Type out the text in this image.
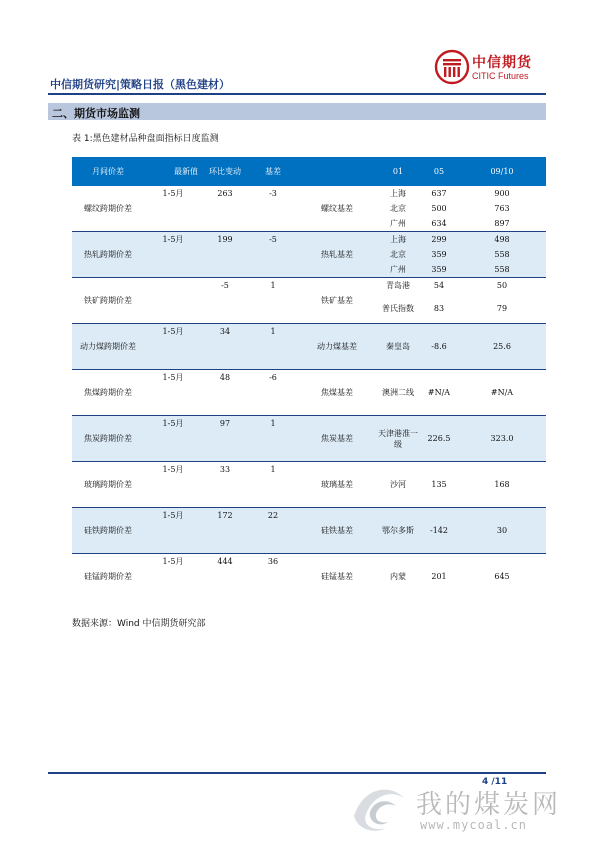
中信期货研究|策略日报（黑色建材）
中信期货
CITIC Futures
二、期货市场监测
表 1:黑色建材品种盘面指标日度监测
月间价差	最新值	环比变动	基差		01	05	09/10
螺纹跨期价差	1-5月	263	-3	螺纹基差	上海	637	900
					北京	500	763
					广州	634	897
热轧跨期价差	1-5月	199	-5	热轧基差	上海	299	498
					北京	359	558
					广州	359	558
铁矿跨期价差		-5	1	铁矿基差	青岛港	54	50
					普氏指数	83	79

动力煤跨期价差	1-5月	34	1	动力煤基差	秦皇岛	-8.6	25.6

焦煤跨期价差	1-5月	48	-6	焦煤基差	澳洲二线	#N/A	#N/A

焦炭跨期价差	1-5月	97	1	焦炭基差	天津港准一级	226.5	323.0

玻璃跨期价差	1-5月	33	1	玻璃基差	沙河	135	168

硅铁跨期价差	1-5月	172	22	硅铁基差	鄂尔多斯	-142	30

硅锰跨期价差	1-5月	444	36	硅锰基差	内蒙	201	645

数据来源：Wind 中信期货研究部
我的煤炭网
www.mycoal.cn
4 /11
